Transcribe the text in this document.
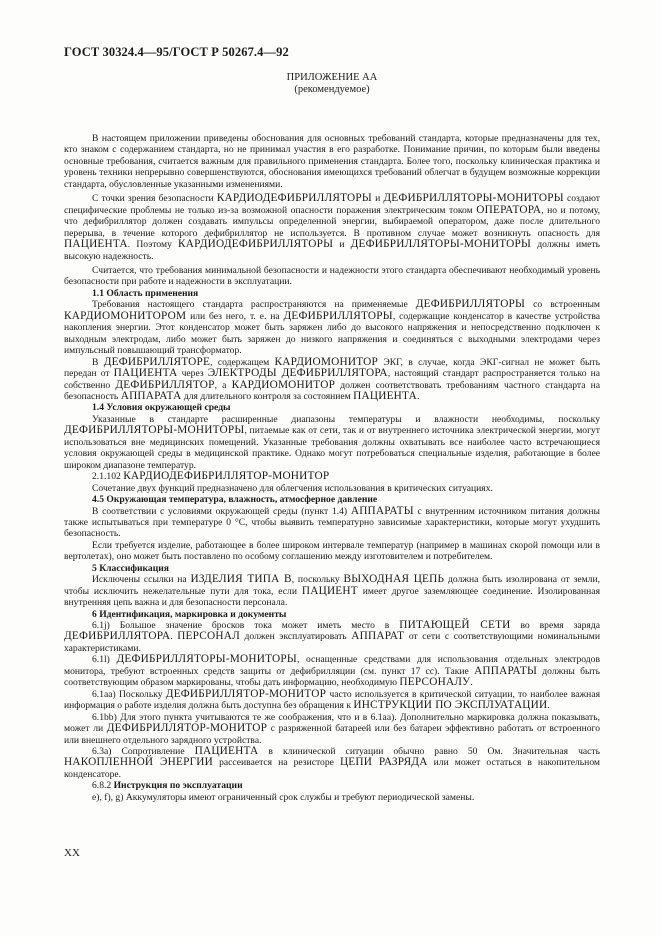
ГОСТ 30324.4—95/ГОСТ Р 50267.4—92
ПРИЛОЖЕНИЕ АА
(рекомендуемое)

В настоящем приложении приведены обоснования для основных требований стандарта, которые предназначены для тех, кто знаком с содержанием стандарта, но не принимал участия в его разработке. Понимание причин, по которым были введены основные требования, считается важным для правильного применения стандарта. Более того, поскольку клиническая практика и уровень техники непрерывно совершенствуются, обоснования имеющихся требований облегчат в будущем возможные коррекции стандарта, обусловленные указанными изменениями.

С точки зрения безопасности КАРДИОДЕФИБРИЛЛЯТОРЫ и ДЕФИБРИЛЛЯТОРЫ-МОНИТОРЫ создают специфические проблемы не только из-за возможной опасности поражения электрическим током ОПЕРАТОРА, но и потому, что дефибриллятор должен создавать импульсы определенной энергии, выбираемой оператором, даже после длительного перерыва, в течение которого дефибриллятор не используется. В противном случае может возникнуть опасность для ПАЦИЕНТА. Поэтому КАРДИОДЕФИБРИЛЛЯТОРЫ и ДЕФИБРИЛЛЯТОРЫ-МОНИТОРЫ должны иметь высокую надежность.

Считается, что требования минимальной безопасности и надежности этого стандарта обеспечивают необходимый уровень безопасности при работе и надежности в эксплуатации.

1.1 Область применения

Требования настоящего стандарта распространяются на применяемые ДЕФИБРИЛЛЯТОРЫ со встроенным КАРДИОМОНИТОРОМ или без него, т. е. на ДЕФИБРИЛЛЯТОРЫ, содержащие конденсатор в качестве устройства накопления энергии. Этот конденсатор может быть заряжен либо до высокого напряжения и непосредственно подключен к выходным электродам, либо может быть заряжен до низкого напряжения и соединяться с выходными электродами через импульсный повышающий трансформатор.

В ДЕФИБРИЛЛЯТОРЕ, содержащем КАРДИОМОНИТОР ЭКГ, в случае, когда ЭКГ-сигнал не может быть передан от ПАЦИЕНТА через ЭЛЕКТРОДЫ ДЕФИБРИЛЛЯТОРА, настоящий стандарт распространяется только на собственно ДЕФИБРИЛЛЯТОР, а КАРДИОМОНИТОР должен соответствовать требованиям частного стандарта на безопасность АППАРАТА для длительного контроля за состоянием ПАЦИЕНТА.

1.4 Условия окружающей среды

Указанные в стандарте расширенные диапазоны температуры и влажности необходимы, поскольку ДЕФИБРИЛЛЯТОРЫ-МОНИТОРЫ, питаемые как от сети, так и от внутреннего источника электрической энергии, могут использоваться вне медицинских помещений. Указанные требования должны охватывать все наиболее часто встречающиеся условия окружающей среды в медицинской практике. Однако могут потребоваться специальные изделия, работающие в более широком диапазоне температур.

2.1.102 КАРДИОДЕФИБРИЛЛЯТОР-МОНИТОР

Сочетание двух функций предназначено для облегчения использования в критических ситуациях.

4.5 Окружающая температура, влажность, атмосферное давление

В соответствии с условиями окружающей среды (пункт 1.4) АППАРАТЫ с внутренним источником питания должны также испытываться при температуре 0 °С, чтобы выявить температурно зависимые характеристики, которые могут ухудшить безопасность.

Если требуется изделие, работающее в более широком интервале температур (например в машинах скорой помощи или в вертолетах), оно может быть поставлено по особому соглашению между изготовителем и потребителем.

5 Классификация

Исключены ссылки на ИЗДЕЛИЯ ТИПА В, поскольку ВЫХОДНАЯ ЦЕПЬ должна быть изолирована от земли, чтобы исключить нежелательные пути для тока, если ПАЦИЕНТ имеет другое заземляющее соединение. Изолированная внутренняя цепь важна и для безопасности персонала.

6 Идентификация, маркировка и документы

6.1j) Большое значение бросков тока может иметь место в ПИТАЮЩЕЙ СЕТИ во время заряда ДЕФИБРИЛЛЯТОРА. ПЕРСОНАЛ должен эксплуатировать АППАРАТ от сети с соответствующими номинальными характеристиками.

6.1l) ДЕФИБРИЛЛЯТОРЫ-МОНИТОРЫ, оснащенные средствами для использования отдельных электродов монитора, требуют встроенных средств защиты от дефибрилляции (см. пункт 17 сс). Такие АППАРАТЫ должны быть соответствующим образом маркированы, чтобы дать информацию, необходимую ПЕРСОНАЛУ.

6.1aa) Поскольку ДЕФИБРИЛЛЯТОР-МОНИТОР часто используется в критической ситуации, то наиболее важная информация о работе изделия должна быть доступна без обращения к ИНСТРУКЦИИ ПО ЭКСПЛУАТАЦИИ.

6.1bb) Для этого пункта учитываются те же соображения, что и в 6.1aa). Дополнительно маркировка должна показывать, может ли ДЕФИБРИЛЛЯТОР-МОНИТОР с разряженной батареей или без батареи эффективно работать от встроенного или внешнего отдельного зарядного устройства.

6.3a) Сопротивление ПАЦИЕНТА в клинической ситуации обычно равно 50 Ом. Значительная часть НАКОПЛЕННОЙ ЭНЕРГИИ рассеивается на резисторе ЦЕПИ РАЗРЯДА или может остаться в накопительном конденсаторе.

6.8.2 Инструкция по эксплуатации

e), f), g) Аккумуляторы имеют ограниченный срок службы и требуют периодической замены.

XX
